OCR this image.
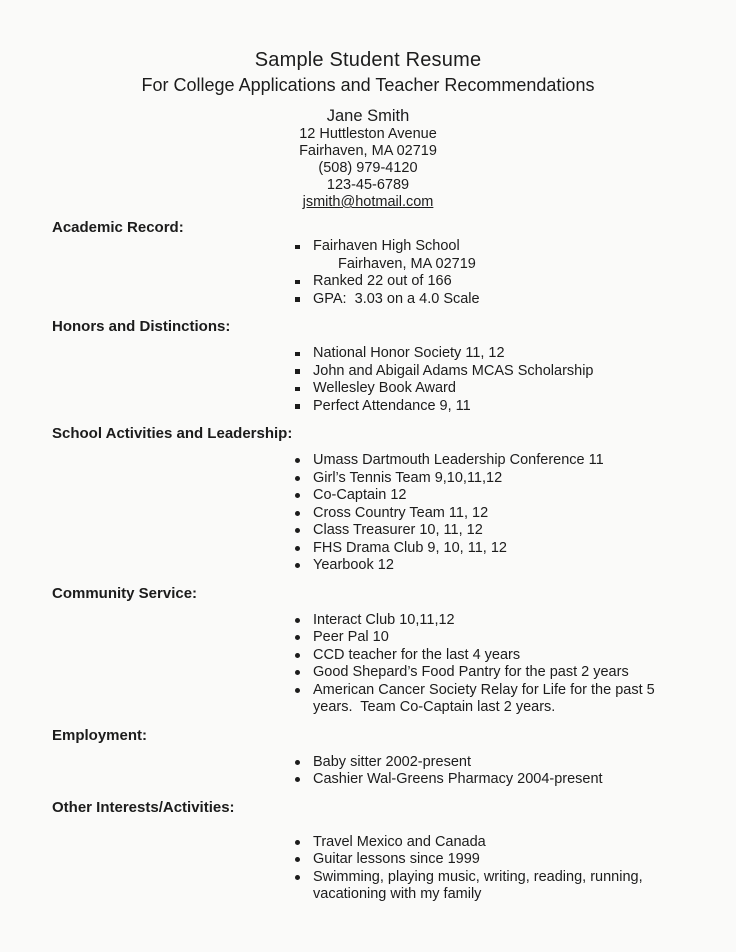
Sample Student Resume
For College Applications and Teacher Recommendations
Jane Smith
12 Huttleston Avenue
Fairhaven, MA 02719
(508) 979-4120
123-45-6789
jsmith@hotmail.com
Academic Record:
Fairhaven High School
Fairhaven, MA 02719
Ranked 22 out of 166
GPA:  3.03 on a 4.0 Scale
Honors and Distinctions:
National Honor Society 11, 12
John and Abigail Adams MCAS Scholarship
Wellesley Book Award
Perfect Attendance 9, 11
School Activities and Leadership:
Umass Dartmouth Leadership Conference 11
Girl’s Tennis Team 9,10,11,12
Co-Captain 12
Cross Country Team 11, 12
Class Treasurer 10, 11, 12
FHS Drama Club 9, 10, 11, 12
Yearbook 12
Community Service:
Interact Club 10,11,12
Peer Pal 10
CCD teacher for the last 4 years
Good Shepard’s Food Pantry for the past 2 years
American Cancer Society Relay for Life for the past 5 years.  Team Co-Captain last 2 years.
Employment:
Baby sitter 2002-present
Cashier Wal-Greens Pharmacy 2004-present
Other Interests/Activities:
Travel Mexico and Canada
Guitar lessons since 1999
Swimming, playing music, writing, reading, running, vacationing with my family
